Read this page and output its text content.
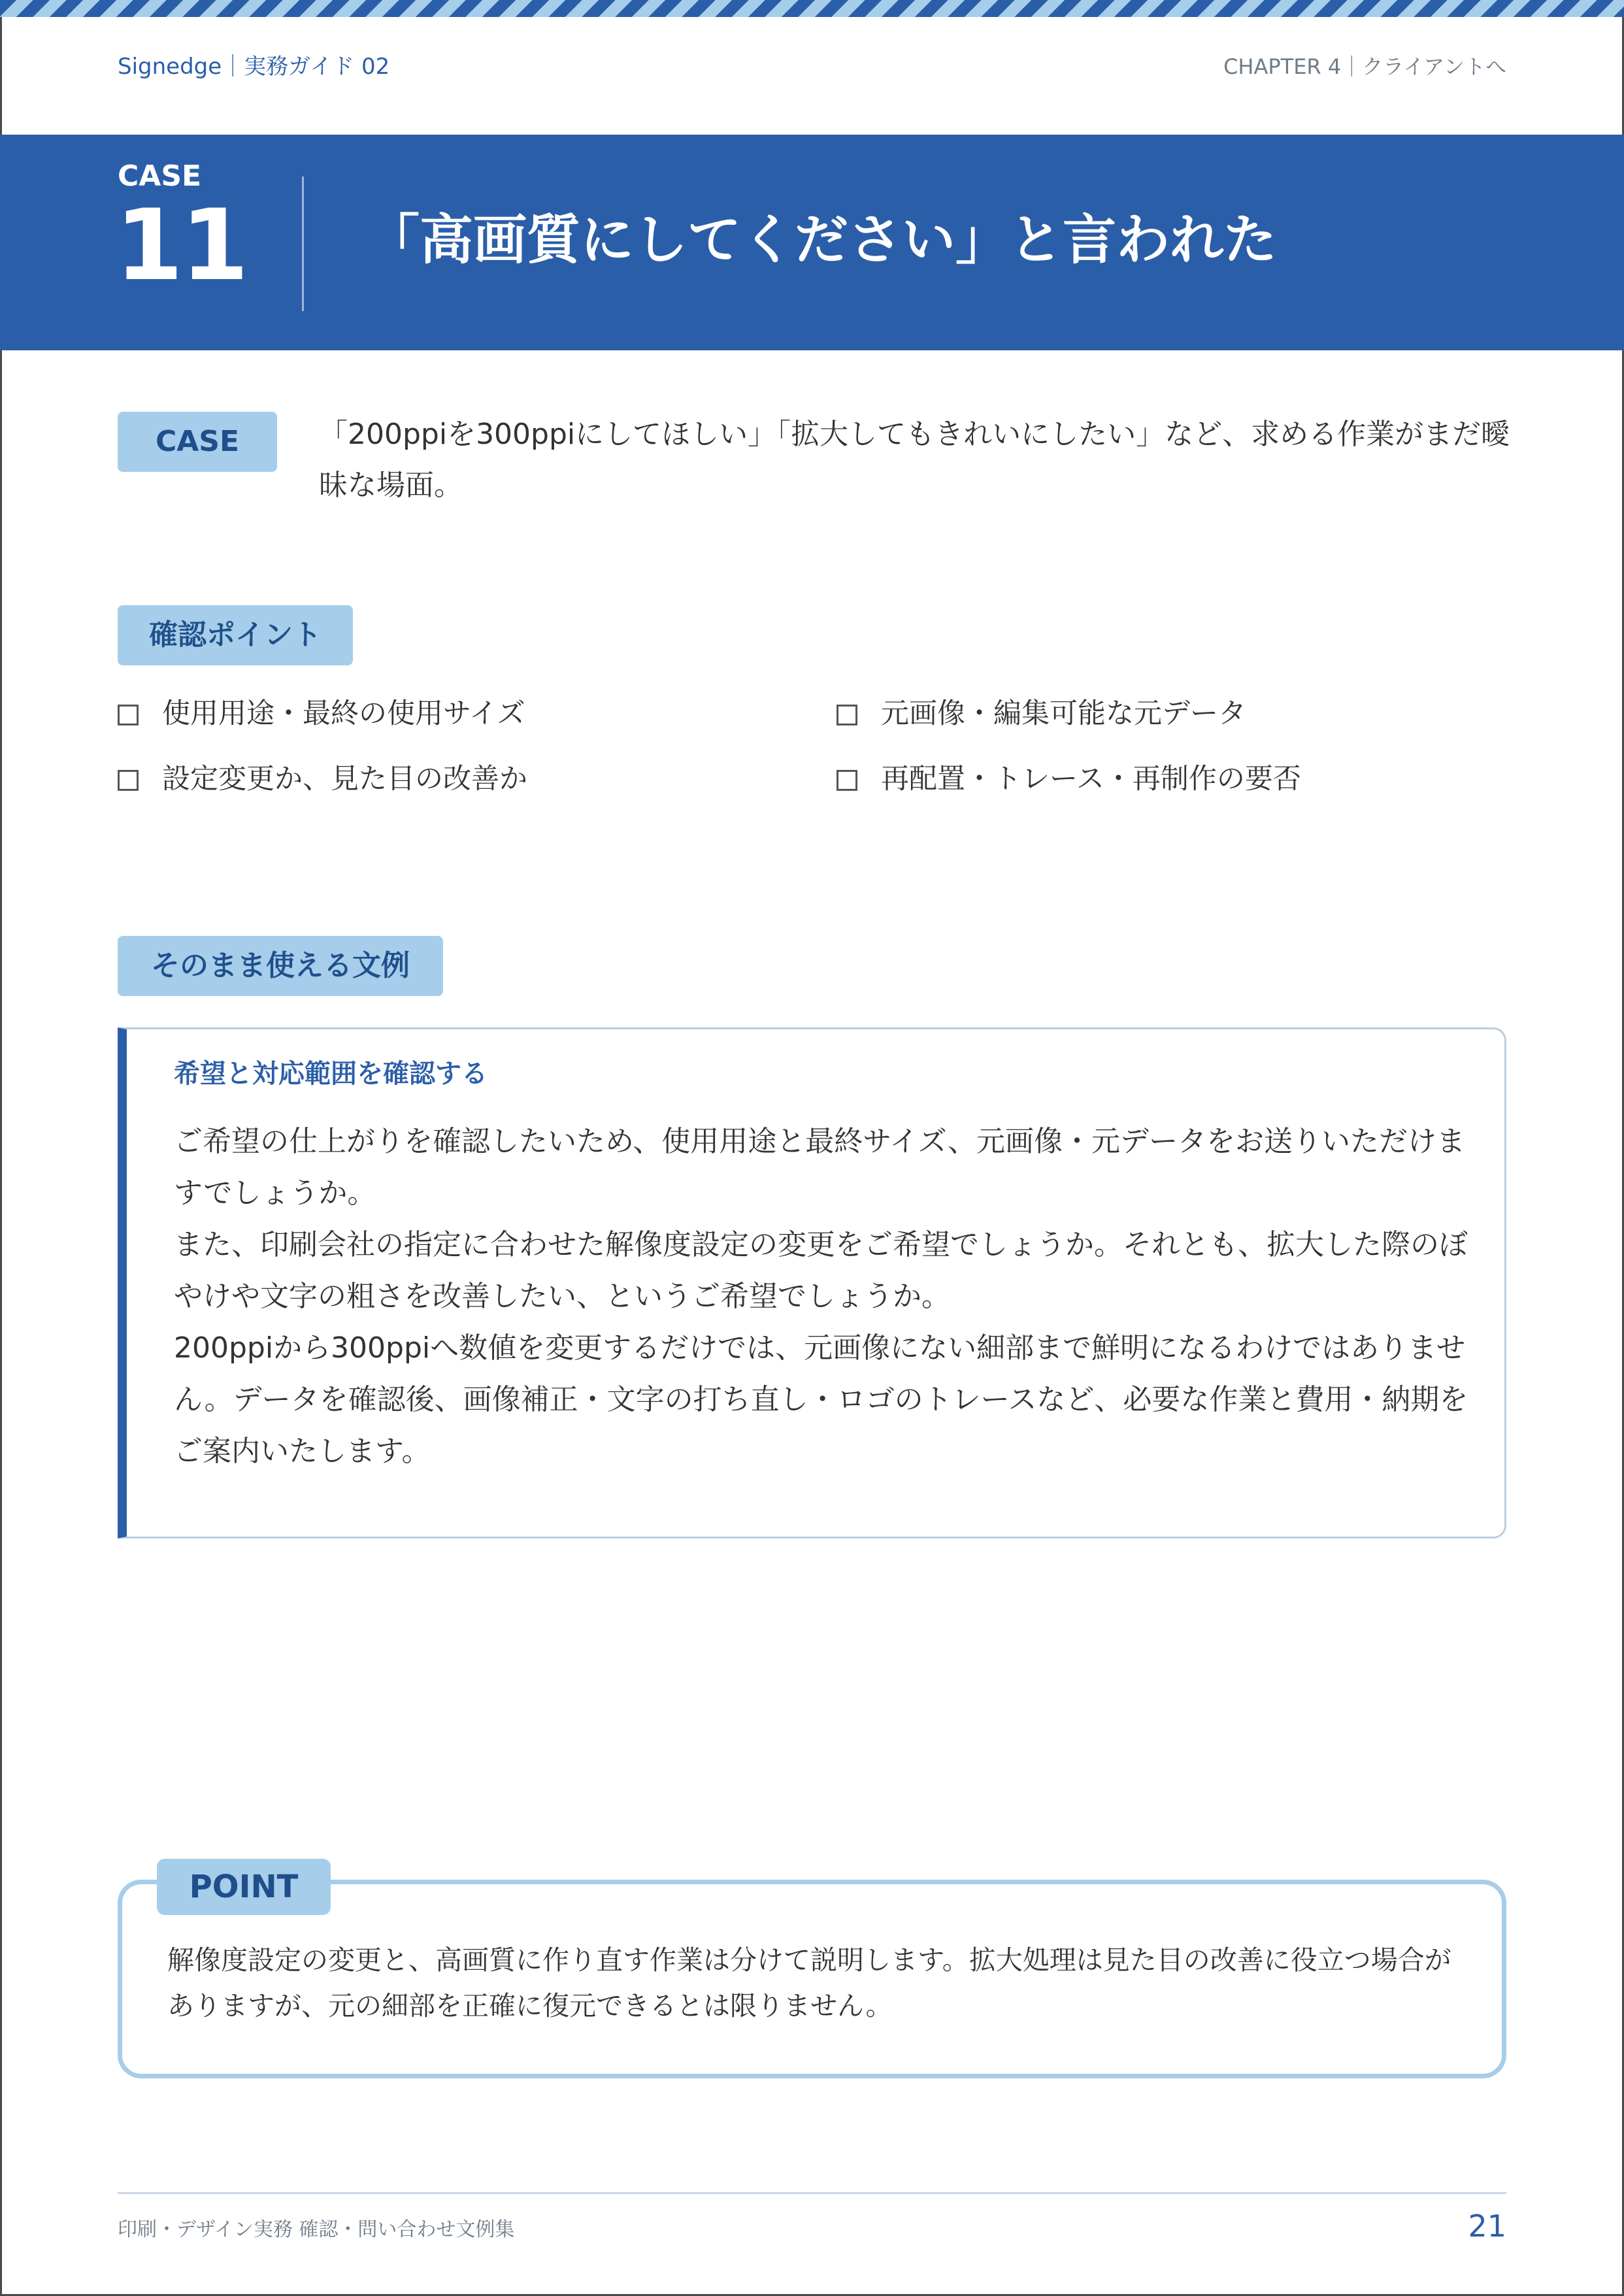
Signedge｜実務ガイド 02	CHAPTER 4｜クライアントへ
CASE
11 「高画質にしてください」と言われた
CASE	「200ppiを300ppiにしてほしい」「拡大してもきれいにしたい」など、求める作業がまだ曖昧な場面。
確認ポイント
使用用途・最終の使用サイズ	元画像・編集可能な元データ
設定変更か、見た目の改善か	再配置・トレース・再制作の要否
そのまま使える文例
希望と対応範囲を確認する

ご希望の仕上がりを確認したいため、使用用途と最終サイズ、元画像・元データをお送りいただけますでしょうか。

また、印刷会社の指定に合わせた解像度設定の変更をご希望でしょうか。それとも、拡大した際のぼやけや文字の粗さを改善したい、というご希望でしょうか。

200ppiから300ppiへ数値を変更するだけでは、元画像にない細部まで鮮明になるわけではありません。データを確認後、画像補正・文字の打ち直し・ロゴのトレースなど、必要な作業と費用・納期をご案内いたします。

POINT
解像度設定の変更と、高画質に作り直す作業は分けて説明します。拡大処理は見た目の改善に役立つ場合がありますが、元の細部を正確に復元できるとは限りません。
印刷・デザイン実務 確認・問い合わせ文例集	21
